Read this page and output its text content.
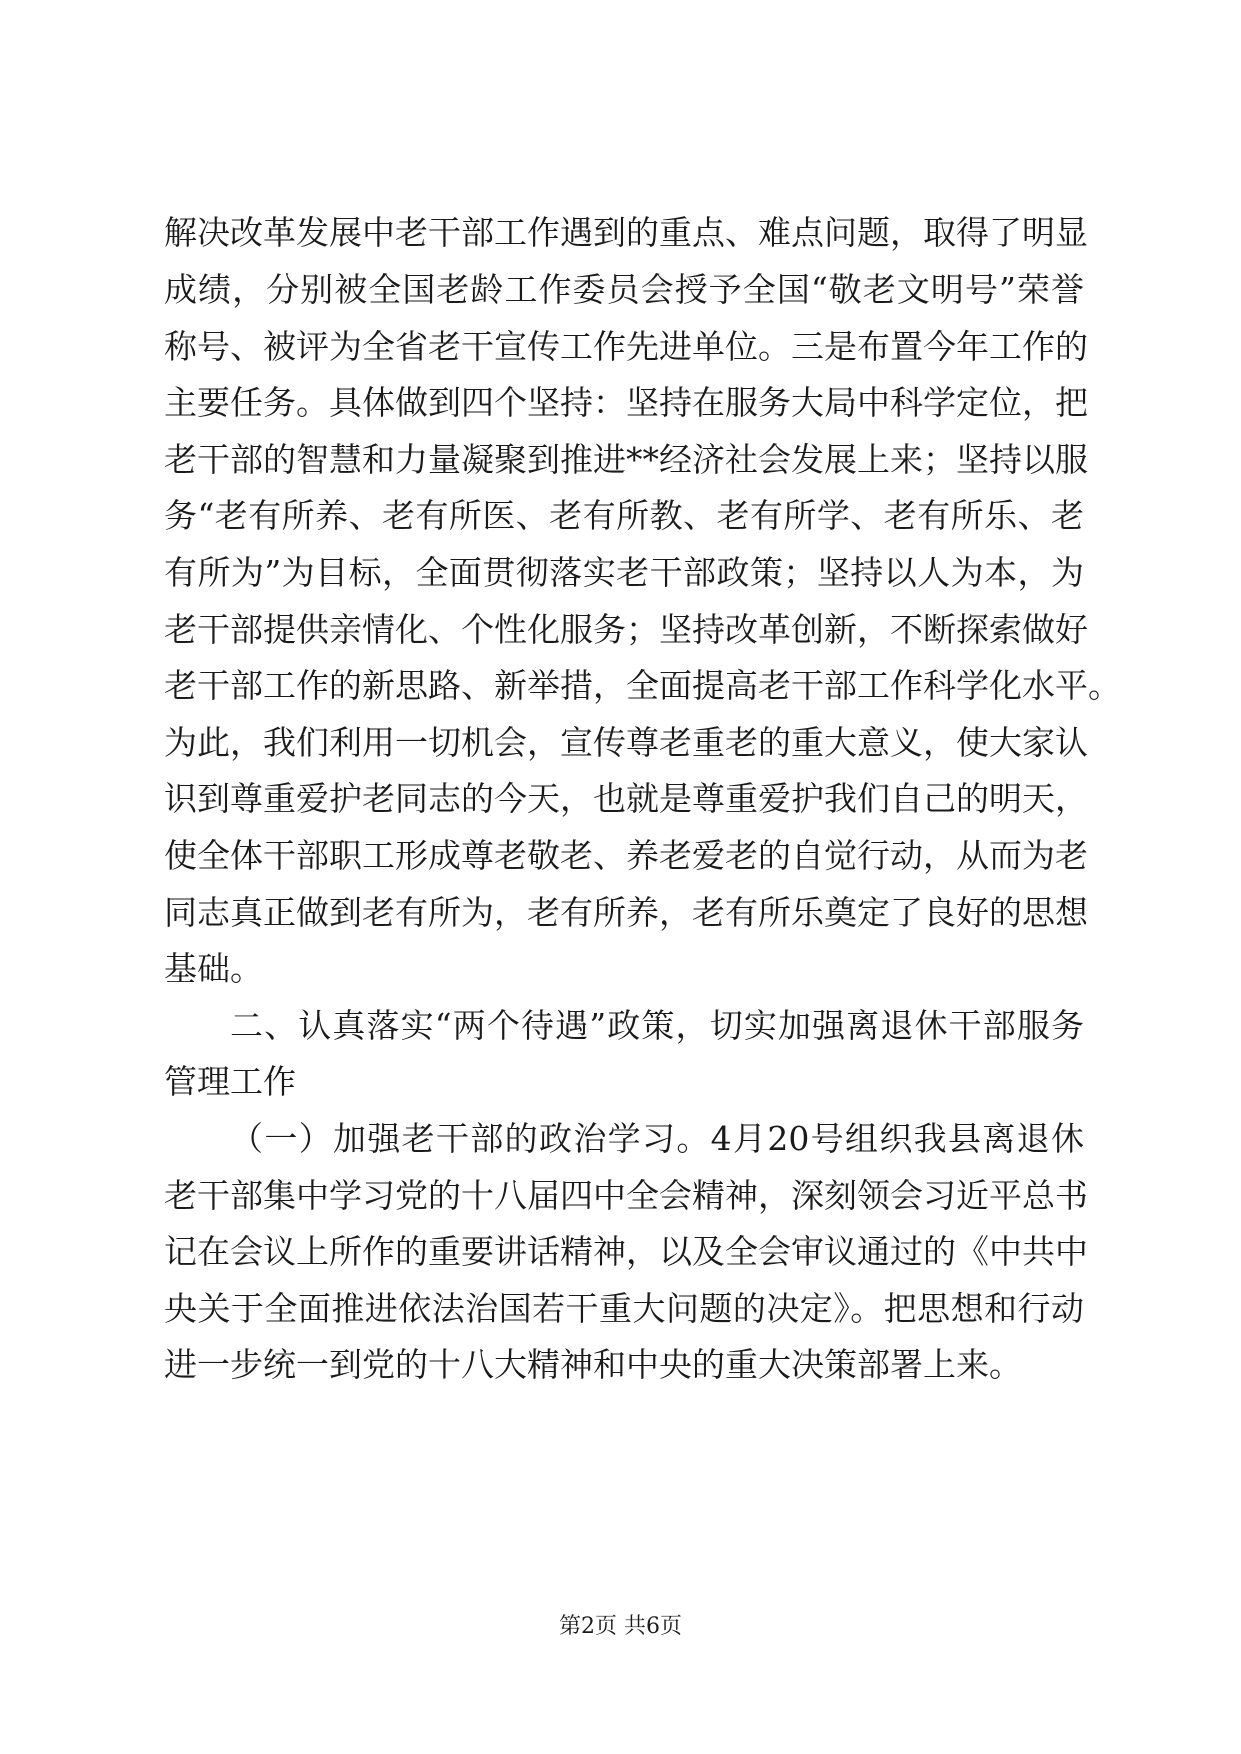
解决改革发展中老干部工作遇到的重点、难点问题，取得了明显
成绩，分别被全国老龄工作委员会授予全国“敬老文明号”荣誉
称号、被评为全省老干宣传工作先进单位。三是布置今年工作的
主要任务。具体做到四个坚持：坚持在服务大局中科学定位，把
老干部的智慧和力量凝聚到推进**经济社会发展上来；坚持以服
务“老有所养、老有所医、老有所教、老有所学、老有所乐、老
有所为”为目标，全面贯彻落实老干部政策；坚持以人为本，为
老干部提供亲情化、个性化服务；坚持改革创新，不断探索做好
老干部工作的新思路、新举措，全面提高老干部工作科学化水平。
为此，我们利用一切机会，宣传尊老重老的重大意义，使大家认
识到尊重爱护老同志的今天，也就是尊重爱护我们自己的明天，
使全体干部职工形成尊老敬老、养老爱老的自觉行动，从而为老
同志真正做到老有所为，老有所养，老有所乐奠定了良好的思想
基础。
二、认真落实“两个待遇”政策，切实加强离退休干部服务
管理工作
（一）加强老干部的政治学习。4月20号组织我县离退休
老干部集中学习党的十八届四中全会精神，深刻领会习近平总书
记在会议上所作的重要讲话精神，以及全会审议通过的《中共中
央关于全面推进依法治国若干重大问题的决定》。把思想和行动
进一步统一到党的十八大精神和中央的重大决策部署上来。
第2页 共6页
